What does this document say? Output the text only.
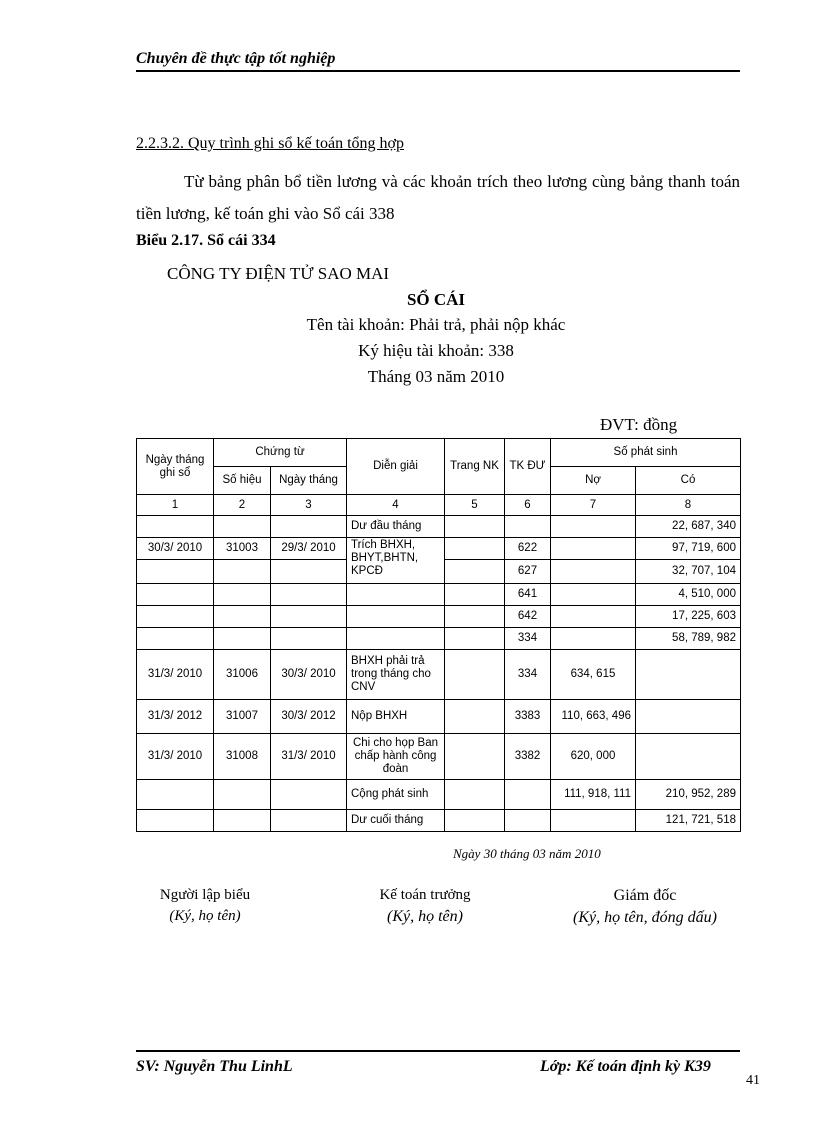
Chuyên đề thực tập tốt nghiệp
2.2.3.2. Quy trình ghi sổ kế toán tổng hợp
Từ bảng phân bổ tiền lương và các khoản trích theo lương cùng bảng thanh toán tiền lương, kế toán ghi vào Sổ cái 338
Biểu 2.17. Sổ cái 334
CÔNG TY ĐIỆN TỬ SAO MAI
SỔ CÁI
Tên tài khoản: Phải trả, phải nộp khác
Ký hiệu tài khoản: 338
Tháng 03 năm 2010
ĐVT: đồng
Ngày tháng ghi sổ	Chứng từ		Diễn giải	Trang NK	TK ĐƯ	Số phát sinh	
	Số hiệu	Ngày tháng				Nợ	Có
1	2	3	4	5	6	7	8
			Dư đầu tháng				22, 687, 340
30/3/ 2010	31003	29/3/ 2010	Trích BHXH, BHYT,BHTN, KPCĐ		622		97, 719, 600
					627		32, 707, 104
					641		4, 510, 000
					642		17, 225, 603
					334		58, 789, 982
31/3/ 2010	31006	30/3/ 2010	BHXH phải trả trong tháng cho CNV		334	634, 615	
31/3/ 2012	31007	30/3/ 2012	Nộp BHXH		3383	110, 663, 496	
31/3/ 2010	31008	31/3/ 2010	Chi cho họp Ban chấp hành công đoàn		3382	620, 000	
			Cộng phát sinh			111, 918, 111	210, 952, 289
			Dư cuối tháng				121, 721, 518
Ngày 30 tháng 03 năm 2010
Người lập biểu
(Ký, họ tên)
Kế toán trưởng
(Ký, họ tên)
Giám đốc
(Ký, họ tên, đóng dấu)
SV: Nguyễn Thu LinhL	Lớp: Kế toán định kỳ K39
41
